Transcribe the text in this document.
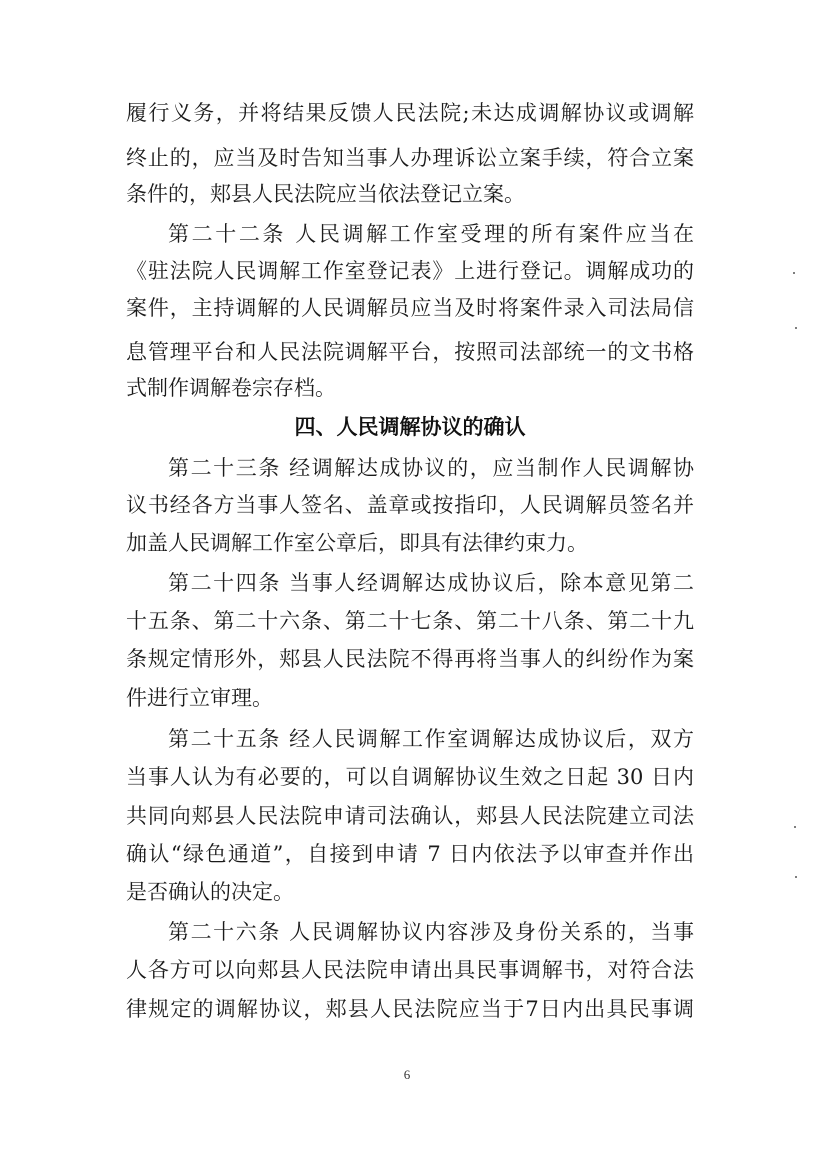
履行义务，并将结果反馈人民法院;未达成调解协议或调解
终止的，应当及时告知当事人办理诉讼立案手续，符合立案
条件的，郏县人民法院应当依法登记立案。
第二十二条 人民调解工作室受理的所有案件应当在
《驻法院人民调解工作室登记表》上进行登记。调解成功的
案件，主持调解的人民调解员应当及时将案件录入司法局信
息管理平台和人民法院调解平台，按照司法部统一的文书格
式制作调解卷宗存档。
四、人民调解协议的确认
第二十三条 经调解达成协议的，应当制作人民调解协
议书经各方当事人签名、盖章或按指印，人民调解员签名并
加盖人民调解工作室公章后，即具有法律约束力。
第二十四条 当事人经调解达成协议后，除本意见第二
十五条、第二十六条、第二十七条、第二十八条、第二十九
条规定情形外，郏县人民法院不得再将当事人的纠纷作为案
件进行立审理。
第二十五条 经人民调解工作室调解达成协议后，双方
当事人认为有必要的，可以自调解协议生效之日起 30 日内
共同向郏县人民法院申请司法确认，郏县人民法院建立司法
确认“绿色通道”，自接到申请 7 日内依法予以审查并作出
是否确认的决定。
第二十六条 人民调解协议内容涉及身份关系的，当事
人各方可以向郏县人民法院申请出具民事调解书，对符合法
律规定的调解协议，郏县人民法院应当于7日内出具民事调
6
